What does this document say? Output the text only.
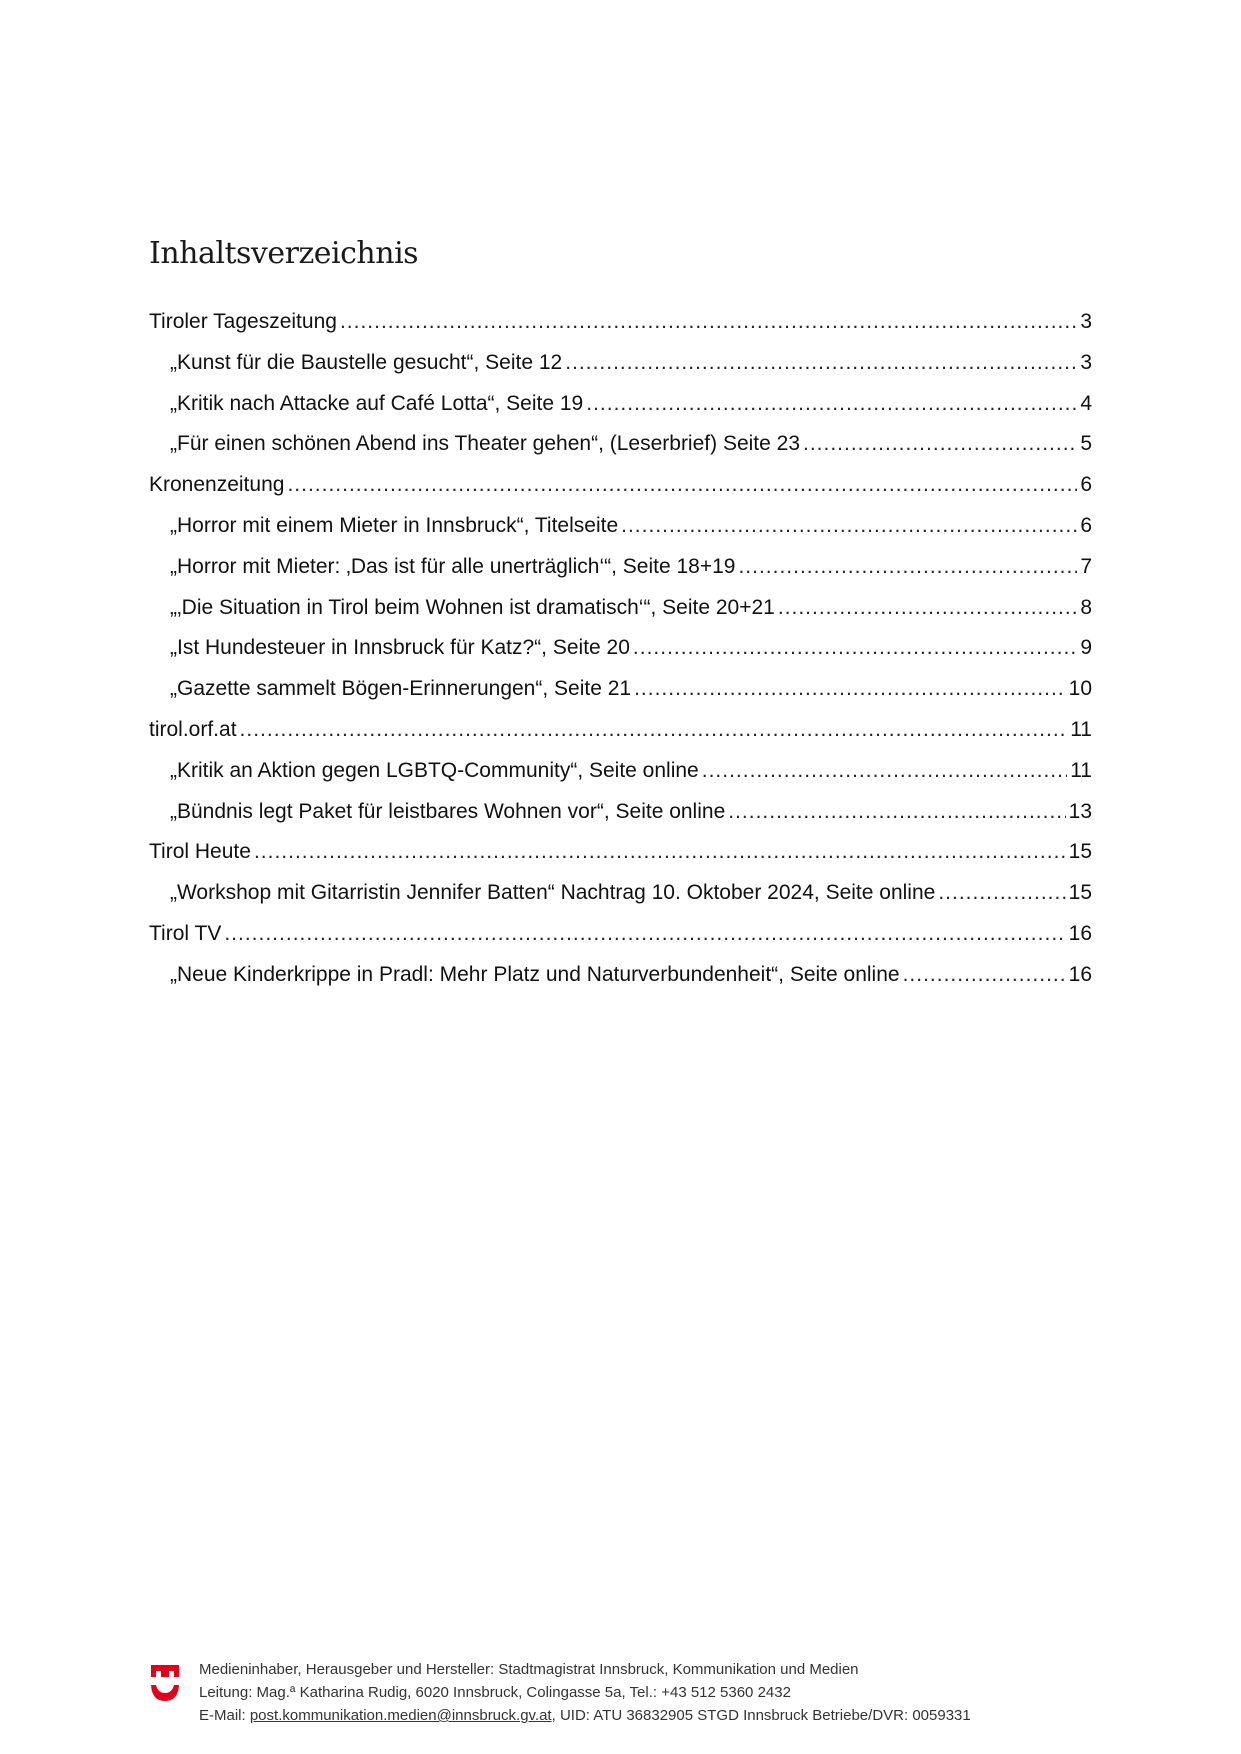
Inhaltsverzeichnis
Tiroler Tageszeitung .....	3
„Kunst für die Baustelle gesucht“, Seite 12 .....	3
„Kritik nach Attacke auf Café Lotta“, Seite 19 .....	4
„Für einen schönen Abend ins Theater gehen“, (Leserbrief) Seite 23 .....	5
Kronenzeitung .....	6
„Horror mit einem Mieter in Innsbruck“, Titelseite .....	6
„Horror mit Mieter: ‚Das ist für alle unerträglich‘“, Seite 18+19 .....	7
„‚Die Situation in Tirol beim Wohnen ist dramatisch‘“, Seite 20+21 .....	8
„Ist Hundesteuer in Innsbruck für Katz?“, Seite 20 .....	9
„Gazette sammelt Bögen-Erinnerungen“, Seite 21 .....	10
tirol.orf.at .....	11
„Kritik an Aktion gegen LGBTQ-Community“, Seite online .....	11
„Bündnis legt Paket für leistbares Wohnen vor“, Seite online .....	13
Tirol Heute .....	15
„Workshop mit Gitarristin Jennifer Batten“ Nachtrag 10. Oktober 2024, Seite online .....	15
Tirol TV .....	16
„Neue Kinderkrippe in Pradl: Mehr Platz und Naturverbundenheit“, Seite online .....	16
Medieninhaber, Herausgeber und Hersteller: Stadtmagistrat Innsbruck, Kommunikation und Medien
Leitung: Mag.ª Katharina Rudig, 6020 Innsbruck, Colingasse 5a, Tel.: +43 512 5360 2432
E-Mail: post.kommunikation.medien@innsbruck.gv.at, UID: ATU 36832905 STGD Innsbruck Betriebe/DVR: 0059331
